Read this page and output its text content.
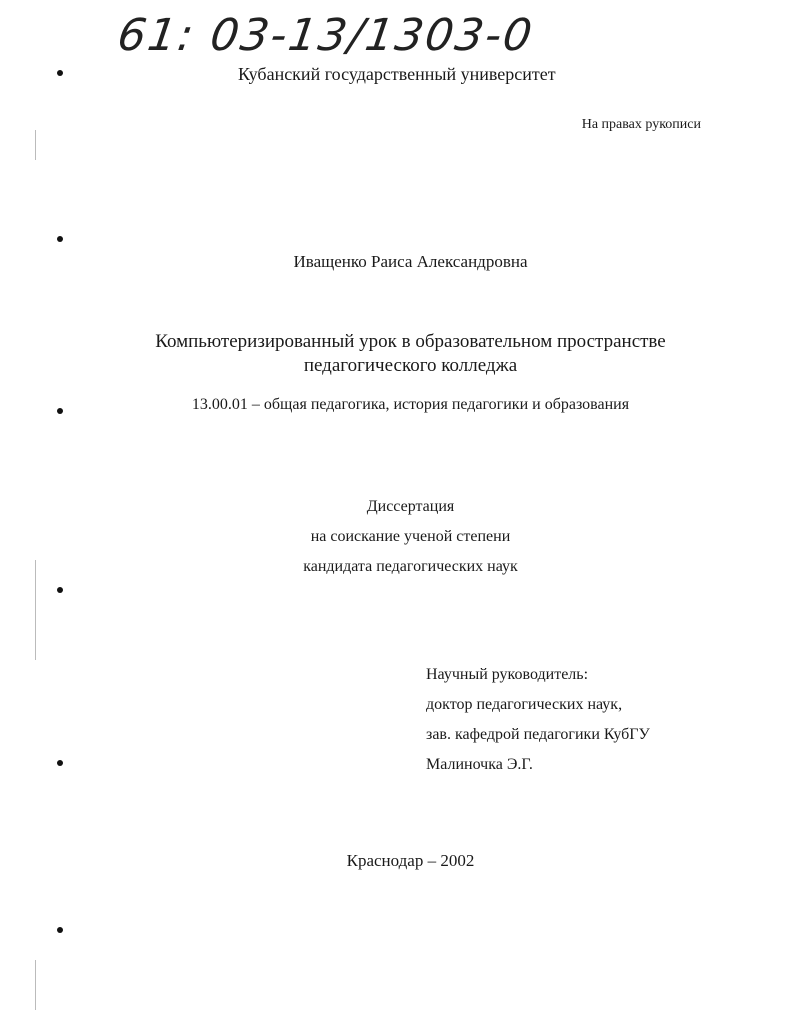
61: 03-13/1303-0
Кубанский государственный университет
На правах рукописи
Иващенко Раиса Александровна
Компьютеризированный урок в образовательном пространстве
педагогического колледжа
13.00.01 – общая педагогика, история педагогики и образования
Диссертация
на соискание ученой степени
кандидата педагогических наук
Научный руководитель:
доктор педагогических наук,
зав. кафедрой педагогики КубГУ
Малиночка Э.Г.
Краснодар – 2002
